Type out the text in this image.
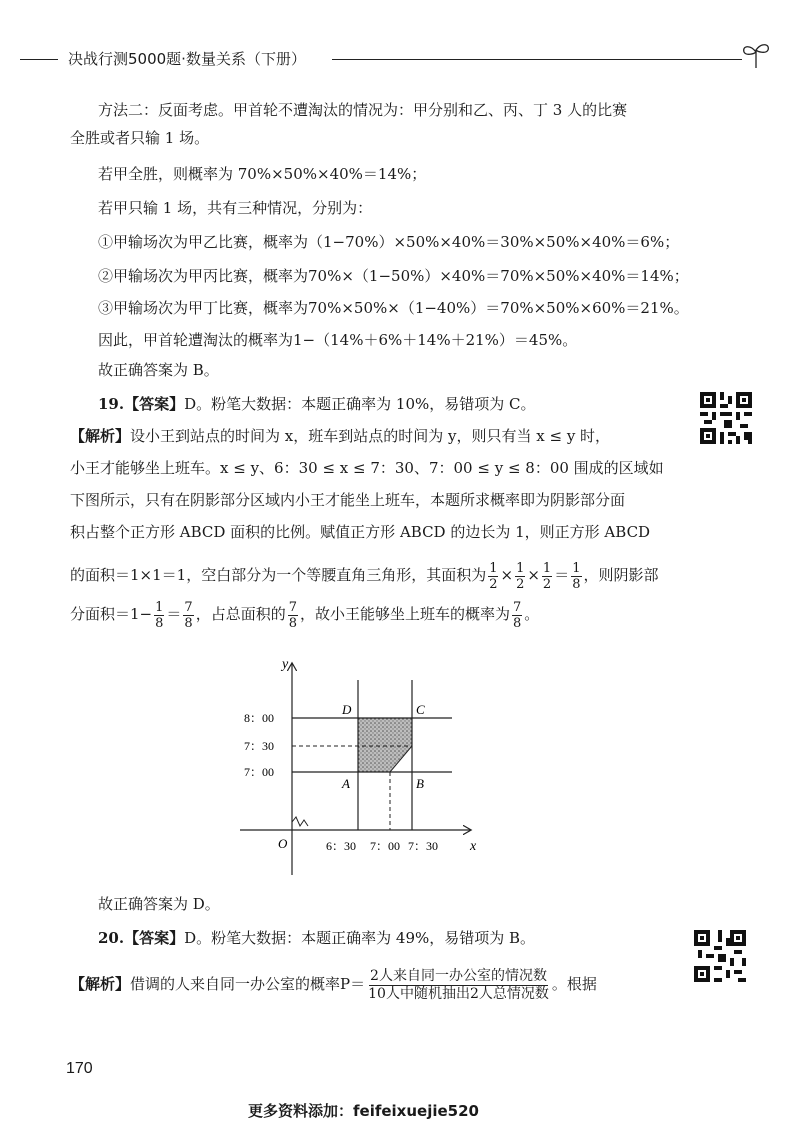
决战行测5000题·数量关系（下册）
方法二：反面考虑。甲首轮不遭淘汰的情况为：甲分别和乙、丙、丁 3 人的比赛
全胜或者只输 1 场。
若甲全胜，则概率为 70%×50%×40%＝14%；
若甲只输 1 场，共有三种情况，分别为：
①甲输场次为甲乙比赛，概率为（1−70%）×50%×40%＝30%×50%×40%＝6%；
②甲输场次为甲丙比赛，概率为70%×（1−50%）×40%＝70%×50%×40%＝14%；
③甲输场次为甲丁比赛，概率为70%×50%×（1−40%）＝70%×50%×60%＝21%。
因此，甲首轮遭淘汰的概率为1−（14%＋6%＋14%＋21%）＝45%。
故正确答案为 B。
19.【答案】D。粉笔大数据：本题正确率为 10%，易错项为 C。
【解析】设小王到站点的时间为 x，班车到站点的时间为 y，则只有当 x ≤ y 时，
小王才能够坐上班车。x ≤ y、6：30 ≤ x ≤ 7：30、7：00 ≤ y ≤ 8：00 围成的区域如
下图所示，只有在阴影部分区域内小王才能坐上班车，本题所求概率即为阴影部分面
积占整个正方形 ABCD 面积的比例。赋值正方形 ABCD 的边长为 1，则正方形 ABCD
的面积＝1×1＝1，空白部分为一个等腰直角三角形，其面积为 $\frac{1}{2} \times \frac{1}{2} \times \frac{1}{2} = \frac{1}{8}$ ，则阴影部
分面积$=1- \frac{1}{8} = \frac{7}{8}$ ，占总面积的 $\frac{7}{8}$ ，故小王能够坐上班车的概率为 $\frac{7}{8}$ 。
y
x
O
8：00
7：30
7：00
6：30 7：00 7：30
D	C
A	B
故正确答案为 D。
20.【答案】D。粉笔大数据：本题正确率为 49%，易错项为 B。
【解析】借调的人来自同一办公室的概率$P= \frac{\text{2人来自同一办公室的情况数}}{\text{10人中随机抽出2人总情况数}}$ 。根据
170
更多资料添加：feifeixuejie520
